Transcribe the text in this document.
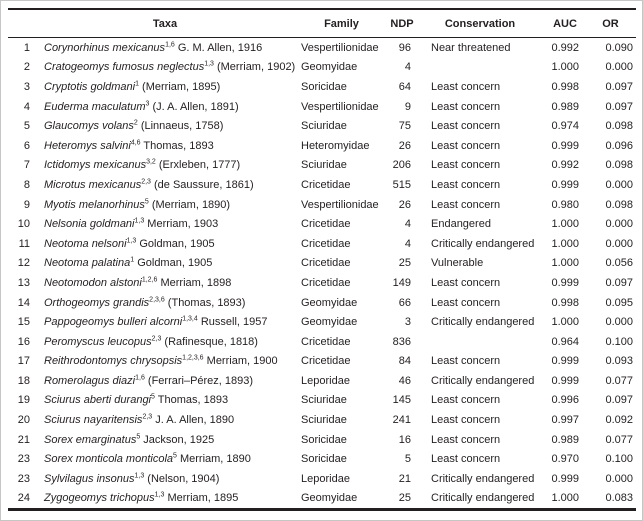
	Taxa	Family	NDP	Conservation	AUC	OR
1	Corynorhinus mexicanus$^{1,6}$ G. M. Allen, 1916	Vespertilionidae	96	Near threatened	0.992	0.090
2	Cratogeomys fumosus neglectus$^{1,3}$ (Merriam, 1902)	Geomyidae	4		1.000	0.000
3	Cryptotis goldmani$^1$ (Merriam, 1895)	Soricidae	64	Least concern	0.998	0.097
4	Euderma maculatum$^3$ (J. A. Allen, 1891)	Vespertilionidae	9	Least concern	0.989	0.097
5	Glaucomys volans$^2$ (Linnaeus, 1758)	Sciuridae	75	Least concern	0.974	0.098
6	Heteromys salvini$^{4,6}$ Thomas, 1893	Heteromyidae	26	Least concern	0.999	0.096
7	Ictidomys mexicanus$^{3,2}$ (Erxleben, 1777)	Sciuridae	206	Least concern	0.992	0.098
8	Microtus mexicanus$^{2,3}$ (de Saussure, 1861)	Cricetidae	515	Least concern	0.999	0.000
9	Myotis melanorhinus$^5$ (Merriam, 1890)	Vespertilionidae	26	Least concern	0.980	0.098
10	Nelsonia goldmani$^{1,3}$ Merriam, 1903	Cricetidae	4	Endangered	1.000	0.000
11	Neotoma nelsoni$^{1,3}$ Goldman, 1905	Cricetidae	4	Critically endangered	1.000	0.000
12	Neotoma palatina$^1$ Goldman, 1905	Cricetidae	25	Vulnerable	1.000	0.056
13	Neotomodon alstoni$^{1,2,6}$ Merriam, 1898	Cricetidae	149	Least concern	0.999	0.097
14	Orthogeomys grandis$^{2,3,6}$ (Thomas, 1893)	Geomyidae	66	Least concern	0.998	0.095
15	Pappogeomys bulleri alcorni$^{1,3,4}$ Russell, 1957	Geomyidae	3	Critically endangered	1.000	0.000
16	Peromyscus leucopus$^{2,3}$ (Rafinesque, 1818)	Cricetidae	836		0.964	0.100
17	Reithrodontomys chrysopsis$^{1,2,3,6}$ Merriam, 1900	Cricetidae	84	Least concern	0.999	0.093
18	Romerolagus diazi$^{1,6}$ (Ferrari–Pérez, 1893)	Leporidae	46	Critically endangered	0.999	0.077
19	Sciurus aberti durangi$^5$ Thomas, 1893	Sciuridae	145	Least concern	0.996	0.097
20	Sciurus nayaritensis$^{2,3}$ J. A. Allen, 1890	Sciuridae	241	Least concern	0.997	0.092
21	Sorex emarginatus$^5$ Jackson, 1925	Soricidae	16	Least concern	0.989	0.077
23	Sorex monticola monticola$^5$ Merriam, 1890	Soricidae	5	Least concern	0.970	0.100
23	Sylvilagus insonus$^{1,3}$ (Nelson, 1904)	Leporidae	21	Critically endangered	0.999	0.000
24	Zygogeomys trichopus$^{1,3}$ Merriam, 1895	Geomyidae	25	Critically endangered	1.000	0.083
